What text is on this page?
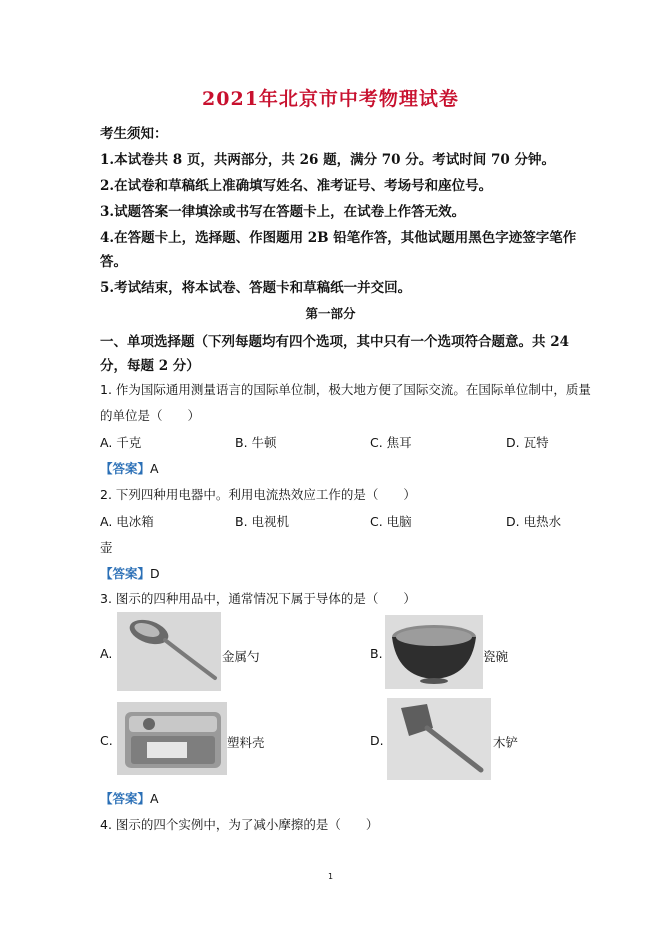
2021年北京市中考物理试卷
考生须知：
1.本试卷共 8 页，共两部分，共 26 题，满分 70 分。考试时间 70 分钟。
2.在试卷和草稿纸上准确填写姓名、准考证号、考场号和座位号。
3.试题答案一律填涂或书写在答题卡上，在试卷上作答无效。
4.在答题卡上，选择题、作图题用 2B 铅笔作答，其他试题用黑色字迹签字笔作
答。
5.考试结束，将本试卷、答题卡和草稿纸一并交回。
第一部分
一、单项选择题（下列每题均有四个选项，其中只有一个选项符合题意。共 24
分，每题 2 分）
1. 作为国际通用测量语言的国际单位制，极大地方便了国际交流。在国际单位制中，质量
的单位是（　　）
A. 千克	B. 牛顿	C. 焦耳	D. 瓦特
【答案】A
2. 下列四种用电器中。利用电流热效应工作的是（　　）
A. 电冰箱	B. 电视机	C. 电脑	D. 电热水
壶
【答案】D
3. 图示的四种用品中，通常情况下属于导体的是（　　）
A.	金属勺	B.	瓷碗
C.	塑料壳	D.	木铲
【答案】A
4. 图示的四个实例中，为了减小摩擦的是（　　）
1
